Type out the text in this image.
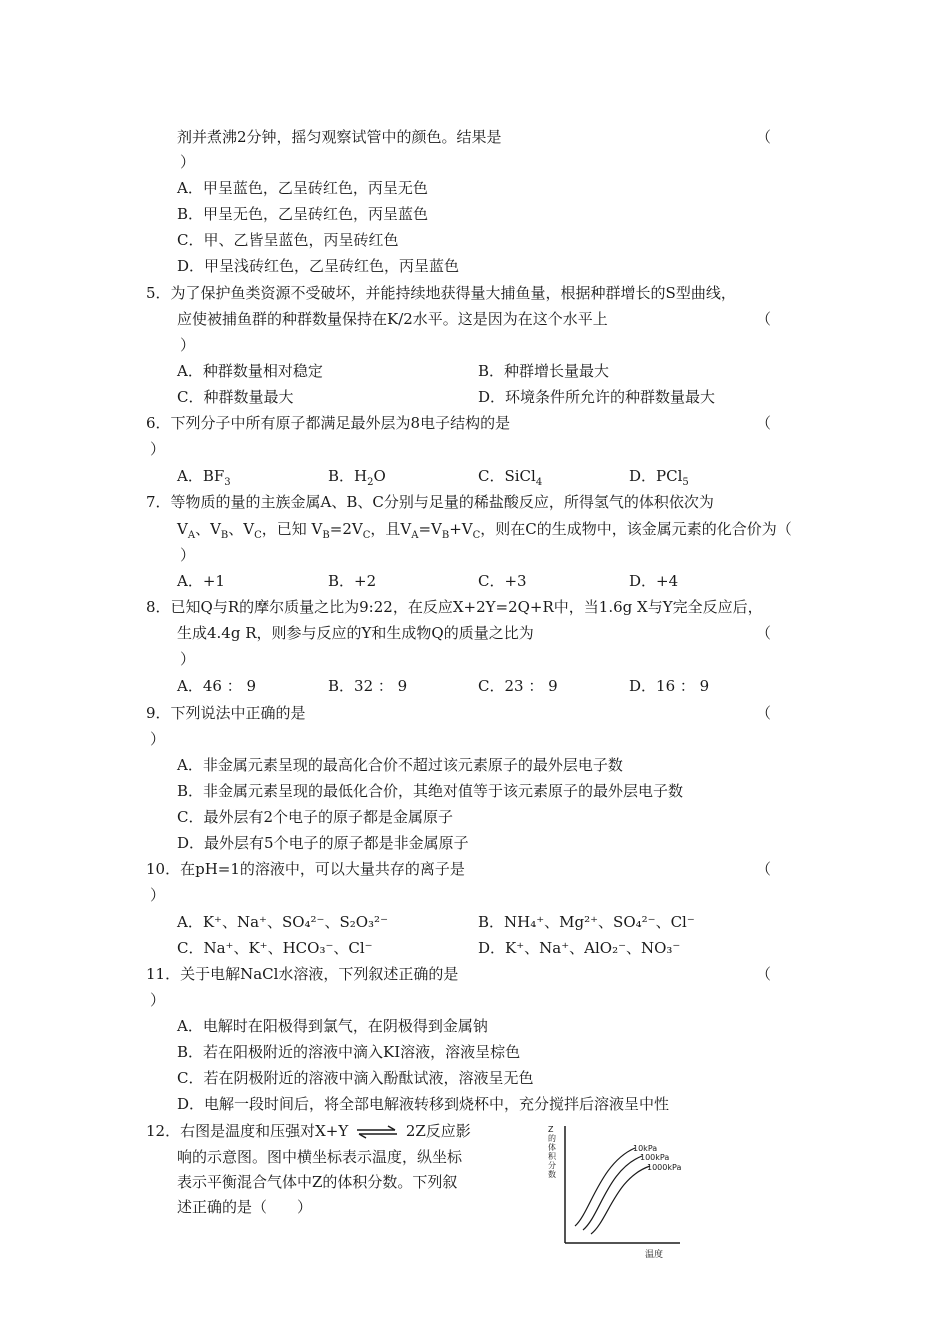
剂并煮沸2分钟，摇匀观察试管中的颜色。结果是	（
）
A．甲呈蓝色，乙呈砖红色，丙呈无色
B．甲呈无色，乙呈砖红色，丙呈蓝色
C．甲、乙皆呈蓝色，丙呈砖红色
D．甲呈浅砖红色，乙呈砖红色，丙呈蓝色
5．为了保护鱼类资源不受破坏，并能持续地获得量大捕鱼量，根据种群增长的S型曲线，
应使被捕鱼群的种群数量保持在K/2水平。这是因为在这个水平上	（
）
A．种群数量相对稳定	B．种群增长量最大
C．种群数量最大	D．环境条件所允许的种群数量最大
6．下列分子中所有原子都满足最外层为8电子结构的是	（
）
A．$BF_3$	B．$H_2O$	C．SiCl$_4$	D．PCl$_5$
7．等物质的量的主族金属A、B、C分别与足量的稀盐酸反应，所得氢气的体积依次为
$V_A$、$V_B$、$V_C$，已知 $V_B=2V_C$，且$V_A=V_B+V_C$，则在C的生成物中，该金属元素的化合价为（
）
A．+1	B．+2	C．+3	D．+4
8．已知Q与R的摩尔质量之比为9:22，在反应X+2Y=2Q+R中，当1.6g X与Y完全反应后，
生成4.4g R，则参与反应的Y和生成物Q的质量之比为	（
）
A．46 ： 9	B．32 ： 9	C．23 ： 9	D．16 ： 9
9．下列说法中正确的是	（
）
A．非金属元素呈现的最高化合价不超过该元素原子的最外层电子数
B．非金属元素呈现的最低化合价，其绝对值等于该元素原子的最外层电子数
C．最外层有2个电子的原子都是金属原子
D．最外层有5个电子的原子都是非金属原子
10．在pH=1的溶液中，可以大量共存的离子是	（
）
A．K⁺、Na⁺、SO₄²⁻、S₂O₃²⁻	B．NH₄⁺、Mg²⁺、SO₄²⁻、Cl⁻
C．Na⁺、K⁺、HCO₃⁻、Cl⁻	D．K⁺、Na⁺、AlO₂⁻、NO₃⁻
11．关于电解NaCl水溶液，下列叙述正确的是	（
）
A．电解时在阳极得到氯气，在阴极得到金属钠
B．若在阳极附近的溶液中滴入KI溶液，溶液呈棕色
C．若在阴极附近的溶液中滴入酚酞试液，溶液呈无色
D．电解一段时间后，将全部电解液转移到烧杯中，充分搅拌后溶液呈中性
12．右图是温度和压强对X+Y ⇌ 2Z反应影
响的示意图。图中横坐标表示温度，纵坐标
表示平衡混合气体中Z的体积分数。下列叙
述正确的是（　　）
Z 的 体 积 分 数
10kPa
100kPa
1000kPa
温度
